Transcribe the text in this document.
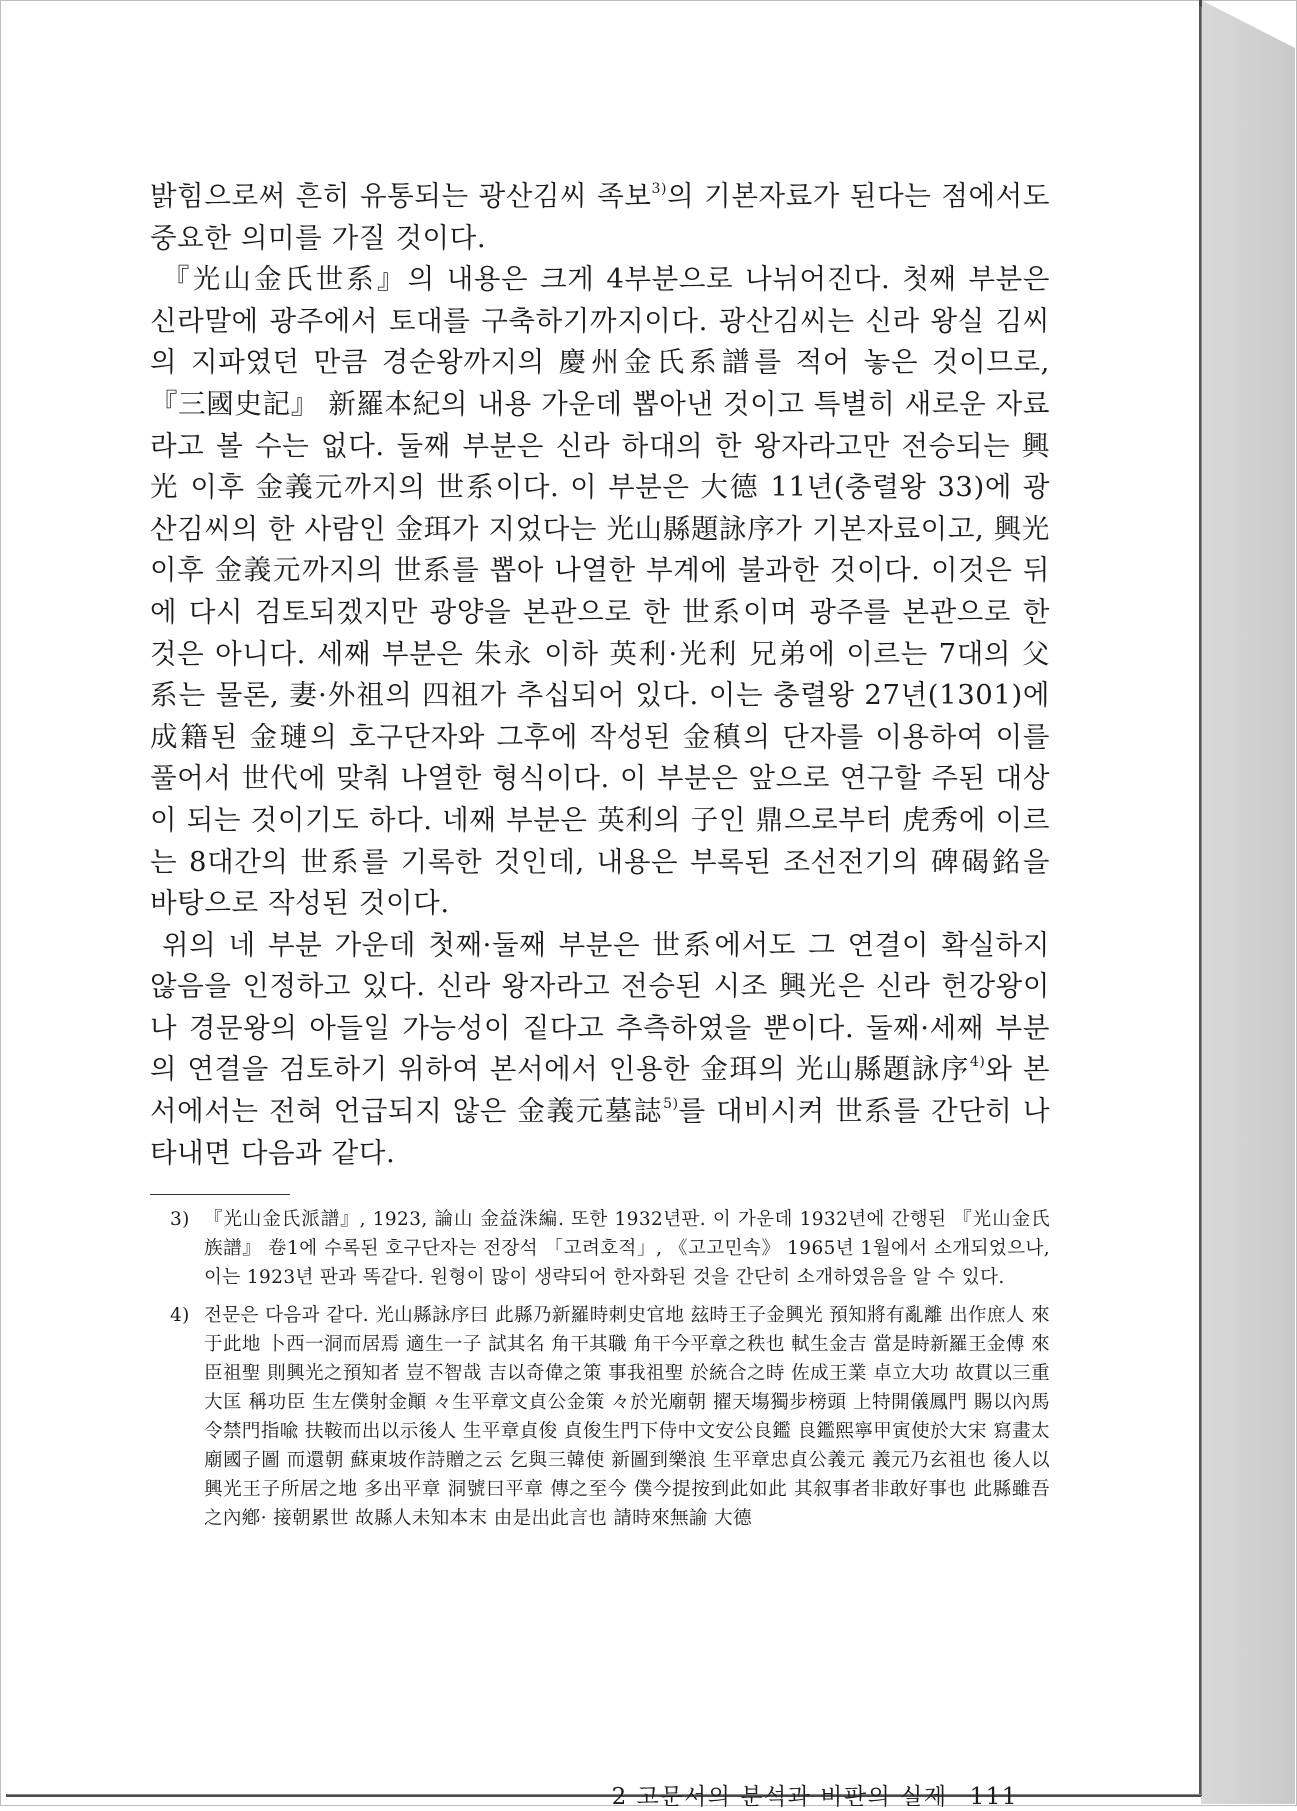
밝힘으로써 흔히 유통되는 광산김씨 족보$^{3)}$의 기본자료가 된다는 점에서도 중요한 의미를 가질 것이다.

『光山金氏世系』의 내용은 크게 4부분으로 나뉘어진다. 첫째 부분은 신라말에 광주에서 토대를 구축하기까지이다. 광산김씨는 신라 왕실 김씨의 지파였던 만큼 경순왕까지의 慶州金氏系譜를 적어 놓은 것이므로, 『三國史記』 新羅本紀의 내용 가운데 뽑아낸 것이고 특별히 새로운 자료라고 볼 수는 없다. 둘째 부분은 신라 하대의 한 왕자라고만 전승되는 興光 이후 金義元까지의 世系이다. 이 부분은 大德 11년(충렬왕 33)에 광산김씨의 한 사람인 金珥가 지었다는 光山縣題詠序가 기본자료이고, 興光 이후 金義元까지의 世系를 뽑아 나열한 부계에 불과한 것이다. 이것은 뒤에 다시 검토되겠지만 광양을 본관으로 한 世系이며 광주를 본관으로 한 것은 아니다. 세째 부분은 朱永 이하 英利·光利 兄弟에 이르는 7대의 父系는 물론, 妻·外祖의 四祖가 추십되어 있다. 이는 충렬왕 27년(1301)에 成籍된 金璉의 호구단자와 그후에 작성된 金稹의 단자를 이용하여 이를 풀어서 世代에 맞춰 나열한 형식이다. 이 부분은 앞으로 연구할 주된 대상이 되는 것이기도 하다. 네째 부분은 英利의 子인 鼎으로부터 虎秀에 이르는 8대간의 世系를 기록한 것인데, 내용은 부록된 조선전기의 碑碣銘을 바탕으로 작성된 것이다.

위의 네 부분 가운데 첫째·둘째 부분은 世系에서도 그 연결이 확실하지 않음을 인정하고 있다. 신라 왕자라고 전승된 시조 興光은 신라 헌강왕이나 경문왕의 아들일 가능성이 짙다고 추측하였을 뿐이다. 둘째·세째 부분의 연결을 검토하기 위하여 본서에서 인용한 金珥의 光山縣題詠序$^{4)}$와 본서에서는 전혀 언급되지 않은 金義元墓誌$^{5)}$를 대비시켜 世系를 간단히 나타내면 다음과 같다.

3) 『光山金氏派譜』, 1923, 論山 金益洙編. 또한 1932년판. 이 가운데 1932년에 간행된 『光山金氏族譜』 卷1에 수록된 호구단자는 전장석 「고려호적」, 《고고민속》 1965년 1월에서 소개되었으나, 이는 1923년 판과 똑같다. 원형이 많이 생략되어 한자화된 것을 간단히 소개하였음을 알 수 있다.

4) 전문은 다음과 같다. 光山縣詠序曰 此縣乃新羅時刺史官地 玆時王子金興光 預知將有亂離 出作庶人 來于此地 卜西一洞而居焉 適生一子 試其名 角干其職 角干今平章之秩也 軾生金吉 當是時新羅王金傅 來臣祖聖 則興光之預知者 豈不智哉 吉以奇偉之策 事我祖聖 於統合之時 佐成王業 卓立大功 故貫以三重大匡 稱功臣 生左僕射金顚 々生平章文貞公金策 々於光廟朝 擢天塲獨步榜頭 上特開儀鳳門 賜以內馬 令禁門指喩 扶鞍而出以示後人 生平章貞俊 貞俊生門下侍中文安公良鑑 良鑑熙寧甲寅使於大宋 寫畫太廟國子圖 而還朝 蘇東坡作詩贈之云 乞與三韓使 新圖到樂浪 生平章忠貞公義元 義元乃玄祖也 後人以興光王子所居之地 多出平章 洞號曰平章 傳之至今 僕今提按到此如此 其叙事者非敢好事也 此縣雖吾之內鄕· 接朝累世 故縣人未知本末 由是出此言也 請時來無諭 大德

2 고문서의 분석과 비판의 실제 111
